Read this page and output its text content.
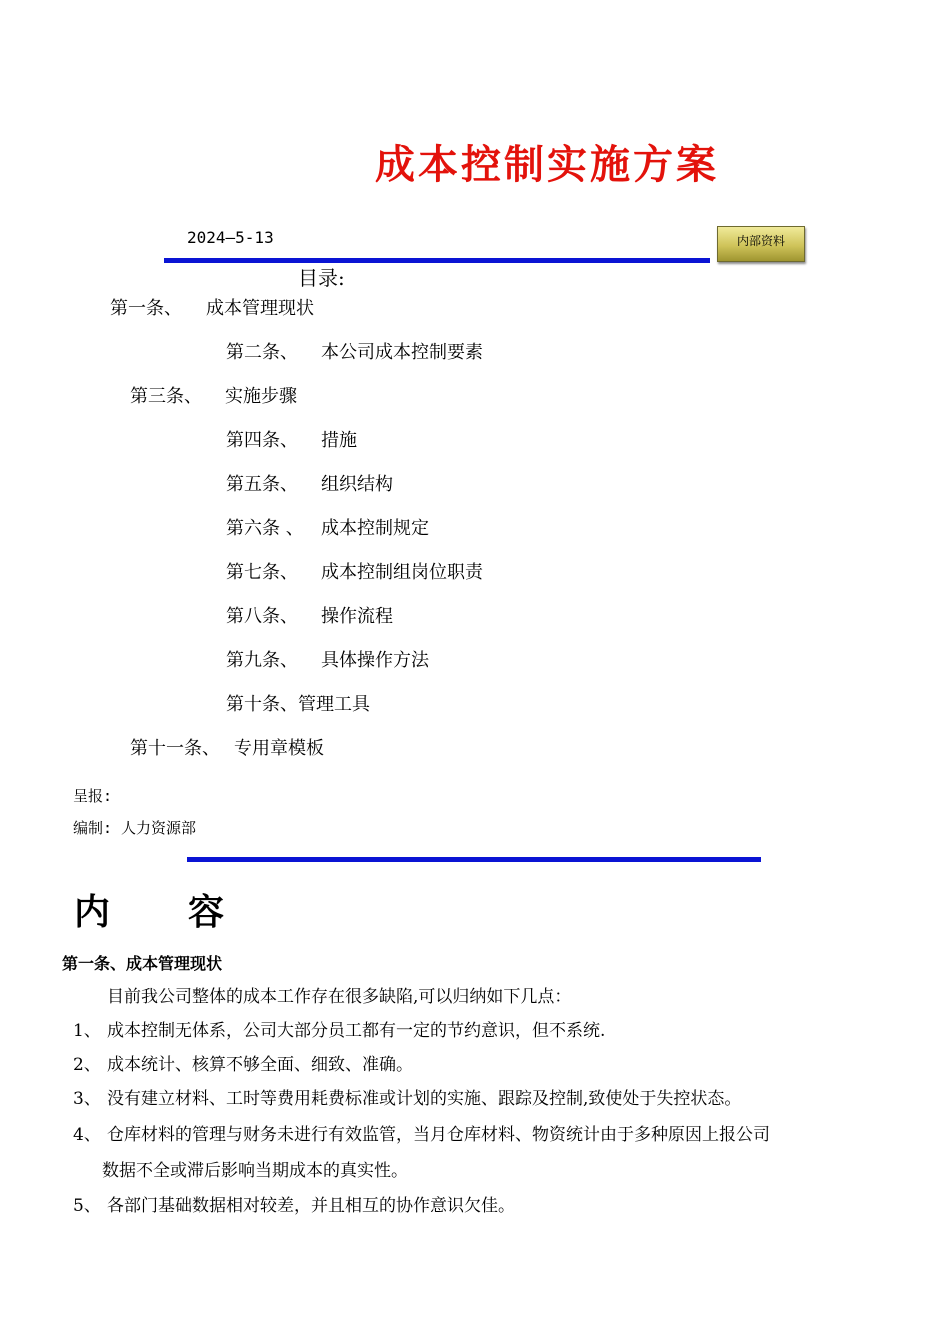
成本控制实施方案
2024—5-13	内部资料
目录:
第一条、 成本管理现状
第二条、 本公司成本控制要素
第三条、 实施步骤
第四条、 措施
第五条、 组织结构
第六条 、 成本控制规定
第七条、 成本控制组岗位职责
第八条、 操作流程
第九条、 具体操作方法
第十条、管理工具
第十一条、 专用章模板
呈报:
编制: 人力资源部
内 容
第一条、成本管理现状
目前我公司整体的成本工作存在很多缺陷,可以归纳如下几点：
1、 成本控制无体系，公司大部分员工都有一定的节约意识，但不系统.
2、 成本统计、核算不够全面、细致、准确。
3、 没有建立材料、工时等费用耗费标准或计划的实施、跟踪及控制,致使处于失控状态。
4、 仓库材料的管理与财务未进行有效监管，当月仓库材料、物资统计由于多种原因上报公司
数据不全或滞后影响当期成本的真实性。
5、 各部门基础数据相对较差，并且相互的协作意识欠佳。
